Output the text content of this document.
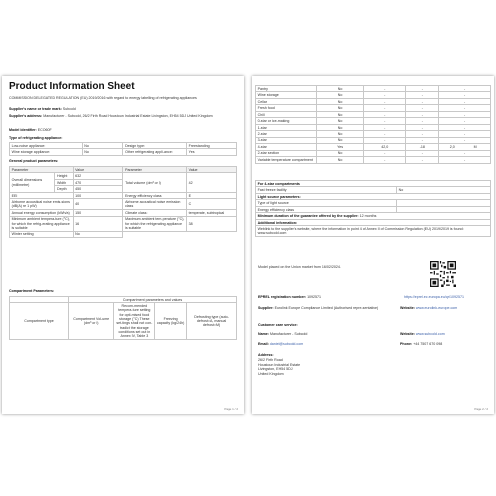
Product Information Sheet
COMMISSION DELEGATED REGULATION (EU) 2019/2016 with regard to energy labelling of refrigerating appliances
Supplier's name or trade mark: Subcold
Supplier's address: Manufacturer - Subcold, 26/2 Firth Road Houstoun Industrial Estate Livingston, EH54 5DJ United Kingdom
Model identifier: ECO60F
Type of refrigerating appliance:
Low-noise appliance:	No	Design type:	Freestanding
Wine storage appliance:	No	Other refrigerating appli-ance:	Yes
General product parameters:
Parameter		Value	Parameter	Value
Overall dimensions (millimetre)	Height	632	Total volume (dm³ or l)	42
	Width	470		
	Depth	450		
EEI		100	Energy efficiency class	E
Airborne acoustical noise emis-sions (dB(A) re 1 pW)		40	Airborne acoustical noise emission class	C
Annual energy consumption (kWh/a)		150	Climate class:	temperate, subtropical
Minimum ambient tempera-ture (°C), for which the refrig-erating appliance is suitable		16	Maximum ambient tem-perature (°C), for which the refrigerating appliance is suitable	38
Winter setting		No		
Compartment Parameters:
	Compartment parameters and values			
Compartment type	Compartment Vol-ume (dm³ or l)	Recom-mended tempera-ture setting for opti-mised food storage (°C) These set-tings shall not con-tradict the storage conditions set out in Annex IV, Table 3	Freezing capacity (kg/24h)	Defrosting type (auto-defrost=A, manual defrost=M)
Page 1 / 2
Pantry	No	-	-	-
Wine storage	No	-	-	-
Cellar	No	-	-	-
Fresh food	No	-	-	-
Chill	No	-	-	-
0-star or ice-making	No	-	-	-
1-star	No	-	-	-
2-star	No	-	-	-
3-star	No	-	-	-
4-star	Yes	42,0	-18	2,0 M
2-star section	No	-	-	-
Variable temperature compartment	No	-	-	-
For 4-star compartments	
Fast freeze facility	No
Light source parameters:	
Type of light source	
Energy efficiency class	
Minimum duration of the guarantee offered by the supplier: 12 months	
Additional information:	
Weblink to the supplier's website, where the information in point 4 of Annex II of Commission Regulation (EU) 2019/2019 is found: www.subcold.com	
Model placed on the Union market from 16/02/2024.
EPREL registration number: 1092571	https://eprel.ec.europa.eu/qr/1092571
Supplier: Eurolink Europe Compliance Limited (Authorised repre-sentative)	Website: www.eurolink-europe.com
Customer care service:
Name: Manufacturer - Subcold	Website: www.subcold.com
Email: daniel@subcold.com	Phone: +44 7507 670 098
Address:
26/2 Firth Road
Houstoun Industrial Estate
Livingston, EH54 5DJ
United Kingdom
Page 2 / 2
